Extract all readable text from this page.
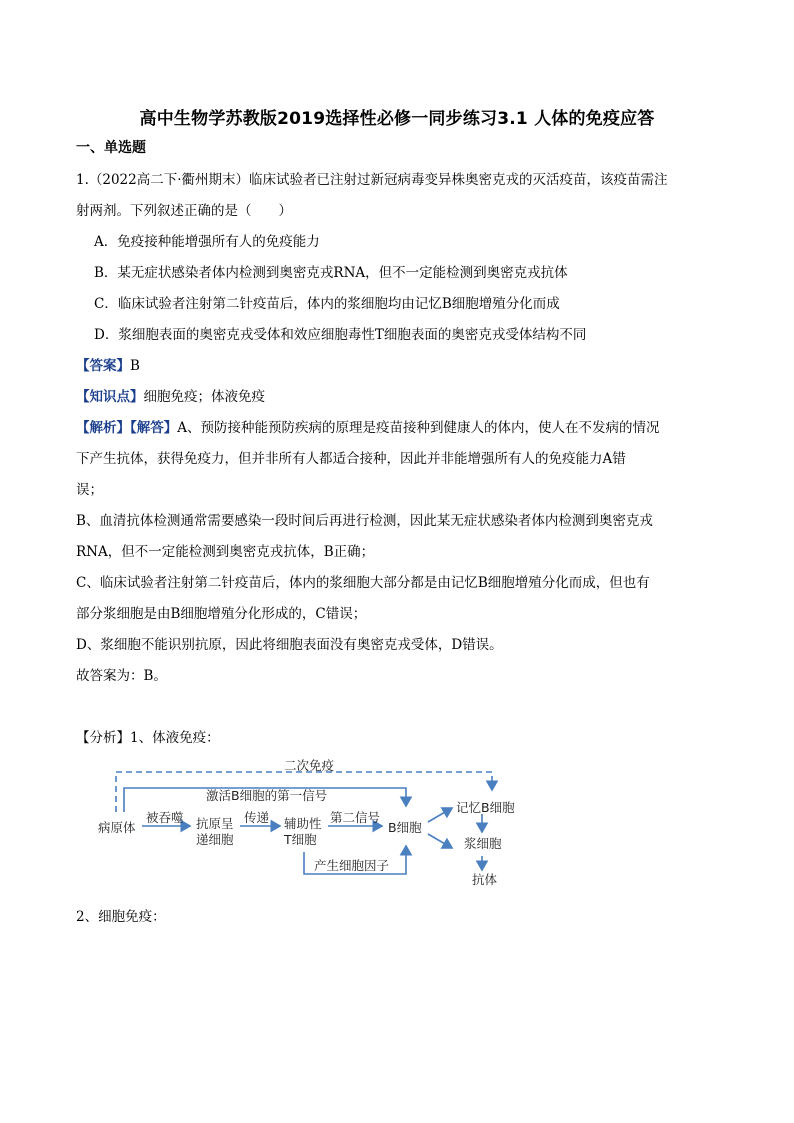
高中生物学苏教版2019选择性必修一同步练习3.1 人体的免疫应答
一、单选题
1.（2022高二下·衢州期末）临床试验者已注射过新冠病毒变异株奥密克戎的灭活疫苗，该疫苗需注
射两剂。下列叙述正确的是（　　）
A．免疫接种能增强所有人的免疫能力
B．某无症状感染者体内检测到奥密克戎RNA，但不一定能检测到奥密克戎抗体
C．临床试验者注射第二针疫苗后，体内的浆细胞均由记忆B细胞增殖分化而成
D．浆细胞表面的奥密克戎受体和效应细胞毒性T细胞表面的奥密克戎受体结构不同
【答案】B
【知识点】细胞免疫；体液免疫
【解析】【解答】A、预防接种能预防疾病的原理是疫苗接种到健康人的体内，使人在不发病的情况
下产生抗体，获得免疫力，但并非所有人都适合接种，因此并非能增强所有人的免疫能力A错
误；
B、血清抗体检测通常需要感染一段时间后再进行检测，因此某无症状感染者体内检测到奥密克戎
RNA，但不一定能检测到奥密克戎抗体，B正确；
C、临床试验者注射第二针疫苗后，体内的浆细胞大部分都是由记忆B细胞增殖分化而成，但也有
部分浆细胞是由B细胞增殖分化形成的，C错误；
D、浆细胞不能识别抗原，因此将细胞表面没有奥密克戎受体，D错误。
故答案为：B。
【分析】1、体液免疫：
二次免疫
激活B细胞的第一信号
病原体
被吞噬 抗原呈
递细胞
传递 辅助性
T细胞
第二信号
B细胞
记忆B细胞
浆细胞
抗体
产生细胞因子
2、细胞免疫：
